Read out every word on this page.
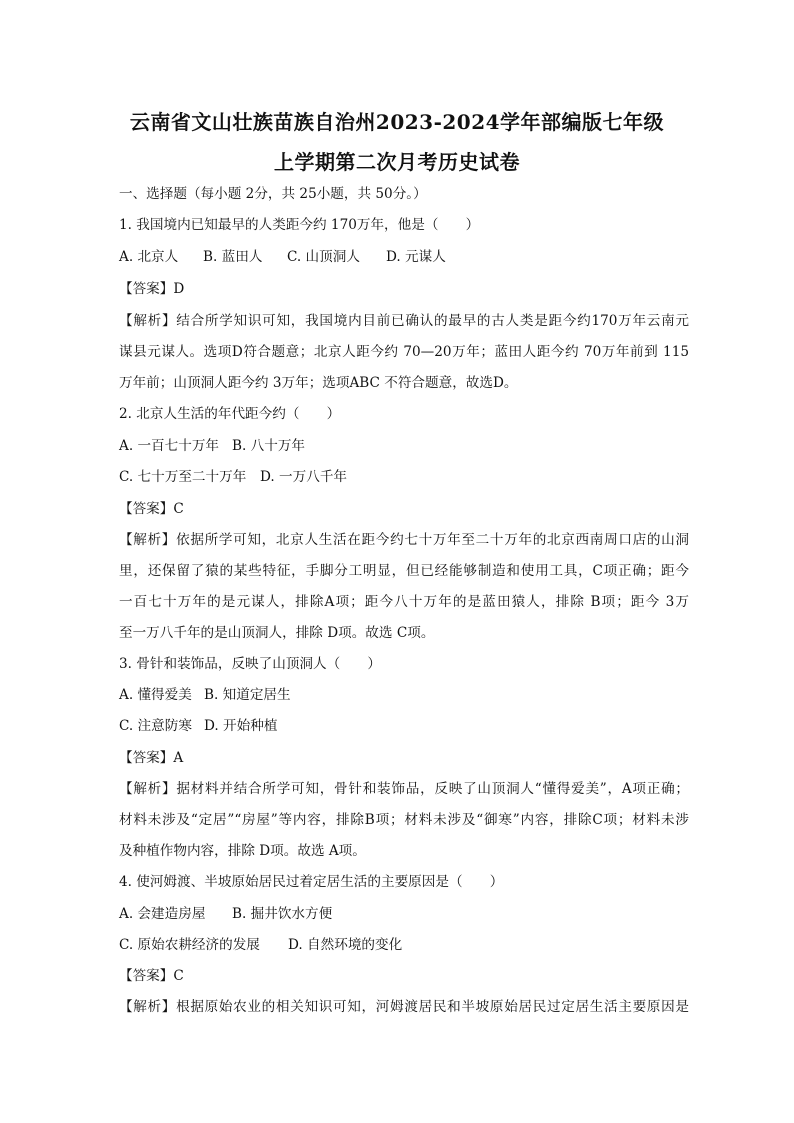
云南省文山壮族苗族自治州2023-2024学年部编版七年级
上学期第二次月考历史试卷
一、选择题（每小题 2分，共 25小题，共 50分。）
1. 我国境内已知最早的人类距今约 170万年，他是（　　）
A. 北京人 B. 蓝田人 C. 山顶洞人 D. 元谋人
【答案】D
【解析】结合所学知识可知，我国境内目前已确认的最早的古人类是距今约170万年云南元
谋县元谋人。选项D符合题意；北京人距今约 70—20万年；蓝田人距今约 70万年前到 115
万年前；山顶洞人距今约 3万年；选项ABC 不符合题意，故选D。
2. 北京人生活的年代距今约（　　）
A. 一百七十万年 B. 八十万年
C. 七十万至二十万年 D. 一万八千年
【答案】C
【解析】依据所学可知，北京人生活在距今约七十万年至二十万年的北京西南周口店的山洞
里，还保留了猿的某些特征，手脚分工明显，但已经能够制造和使用工具，C项正确；距今
一百七十万年的是元谋人，排除A项；距今八十万年的是蓝田猿人，排除 B项；距今 3万
至一万八千年的是山顶洞人，排除 D项。故选 C项。
3. 骨针和装饰品，反映了山顶洞人（　　）
A. 懂得爱美 B. 知道定居生
C. 注意防寒 D. 开始种植
【答案】A
【解析】据材料并结合所学可知，骨针和装饰品，反映了山顶洞人“懂得爱美”，A项正确；
材料未涉及“定居”“房屋”等内容，排除B项；材料未涉及“御寒”内容，排除C项；材料未涉
及种植作物内容，排除 D项。故选 A项。
4. 使河姆渡、半坡原始居民过着定居生活的主要原因是（　　）
A. 会建造房屋 B. 掘井饮水方便
C. 原始农耕经济的发展 D. 自然环境的变化
【答案】C
【解析】根据原始农业的相关知识可知，河姆渡居民和半坡原始居民过定居生活主要原因是
